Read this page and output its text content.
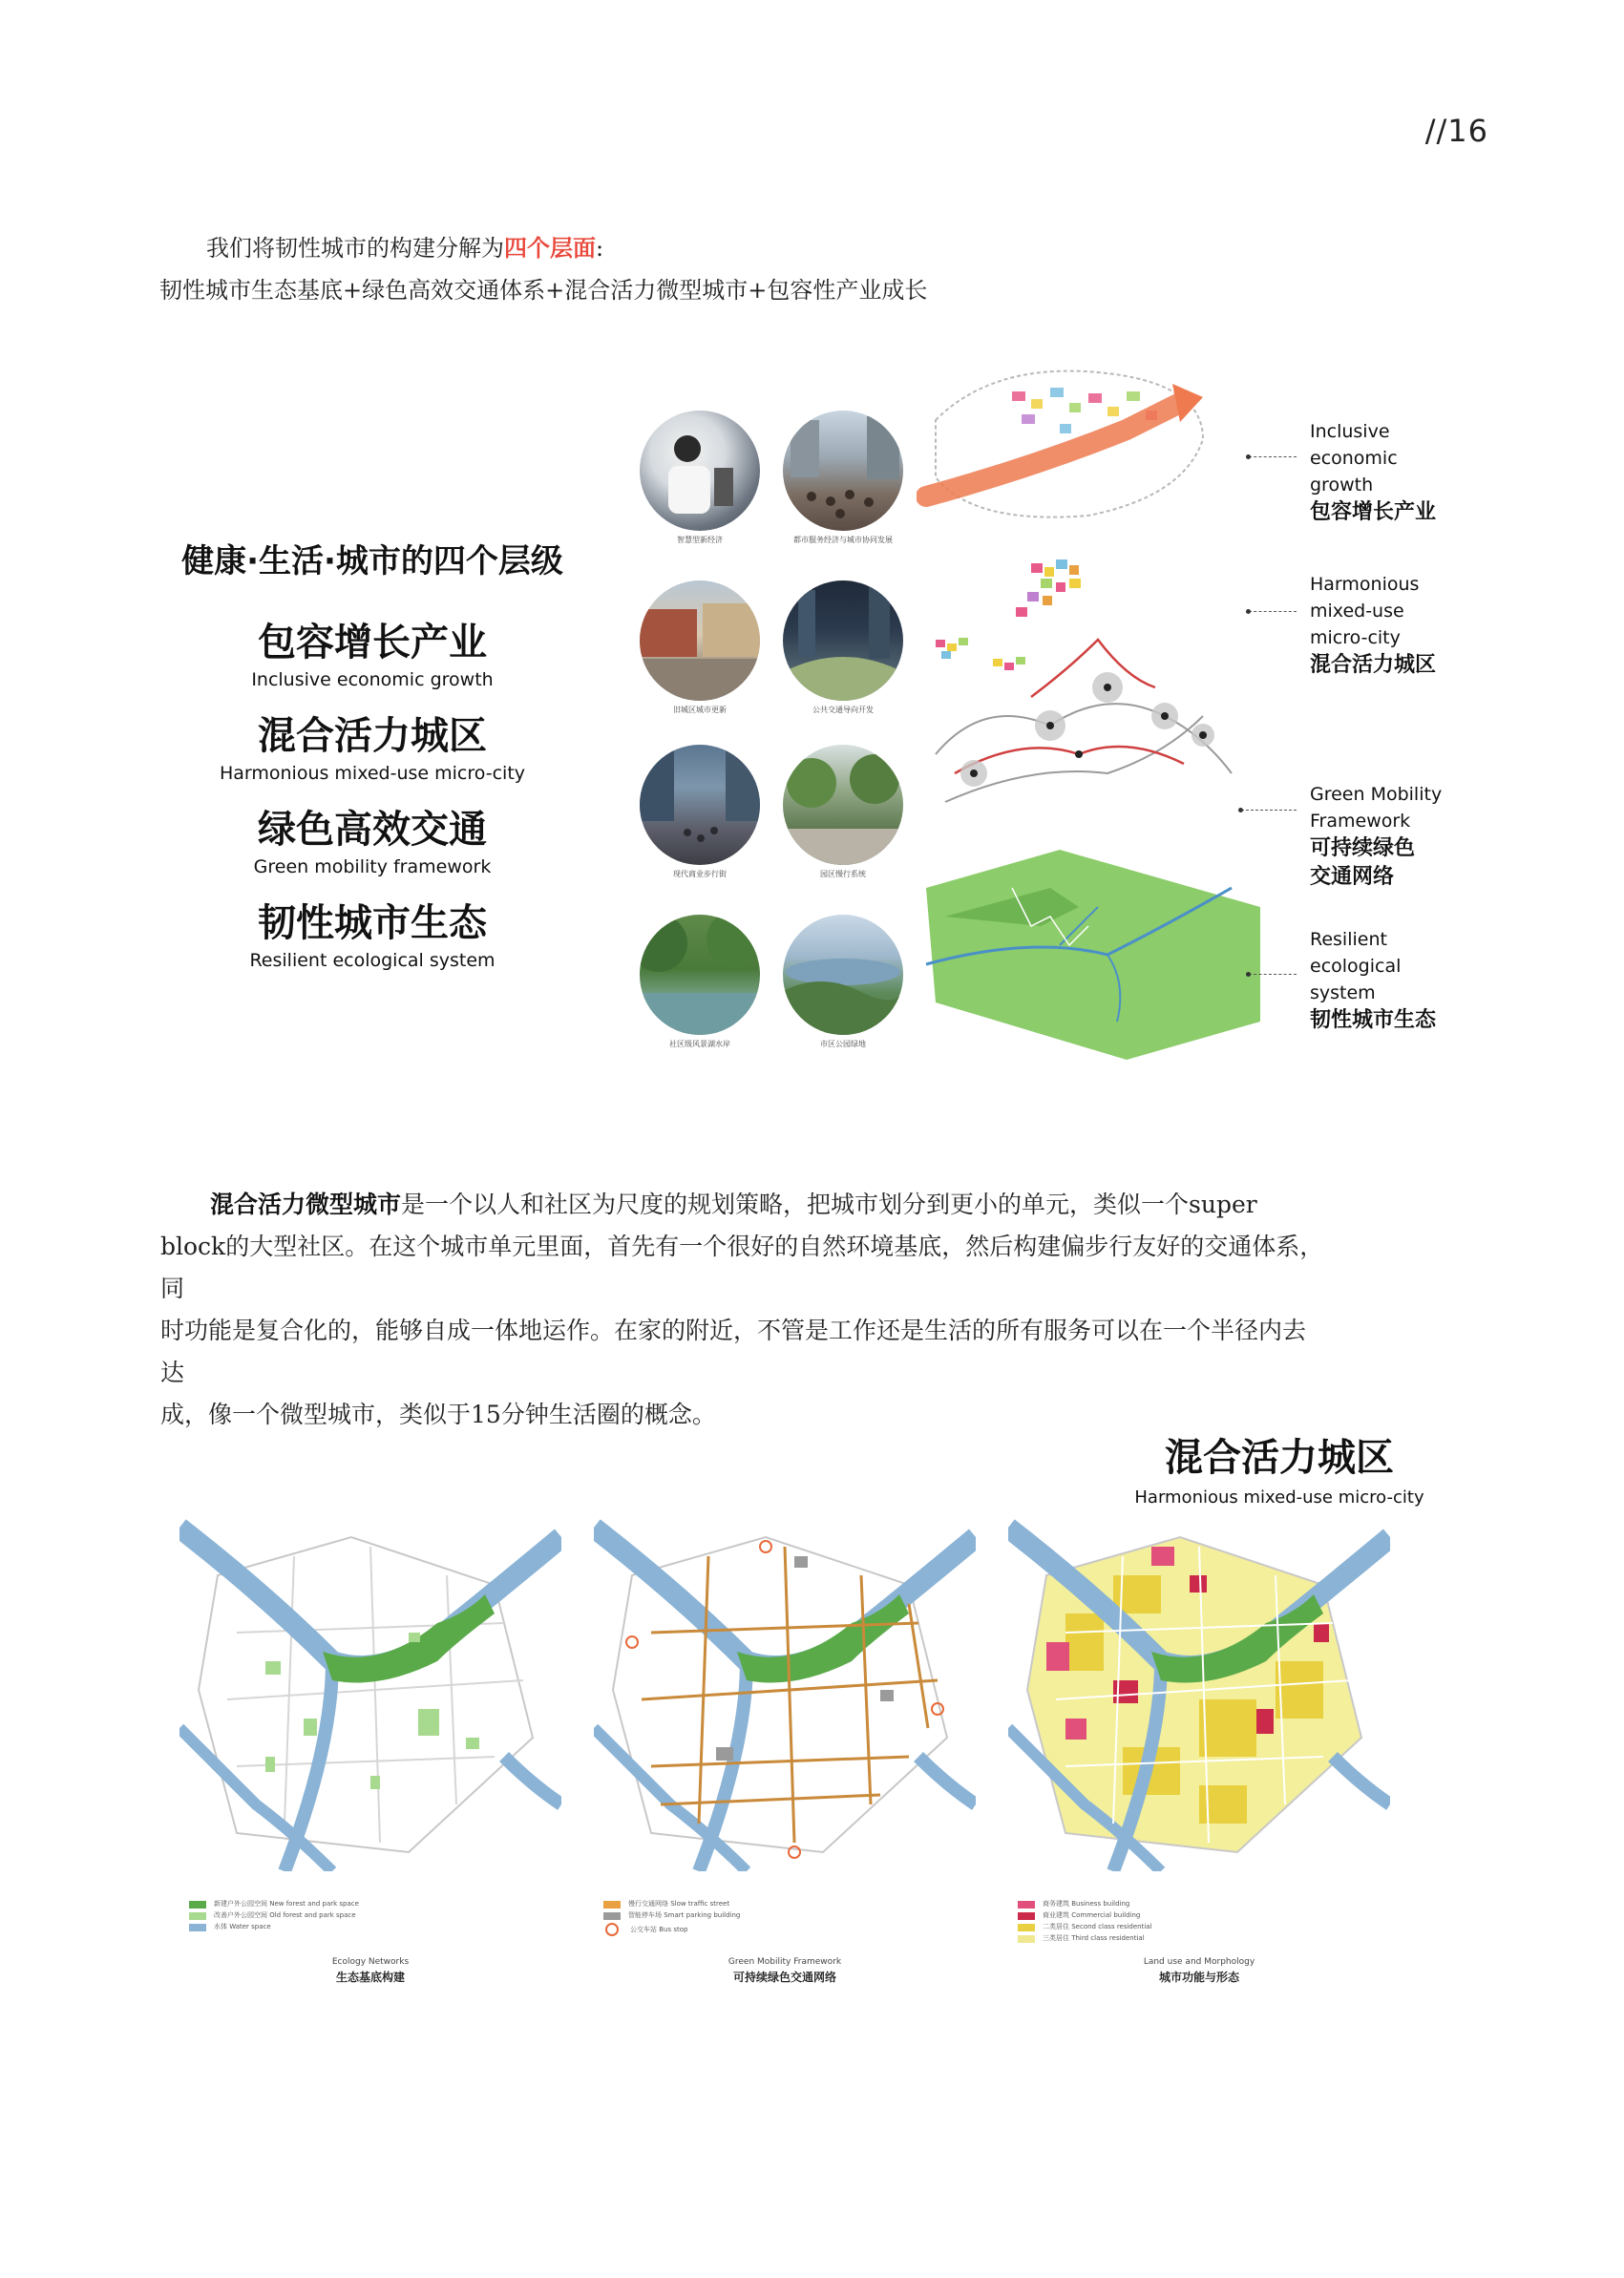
//16
我们将韧性城市的构建分解为四个层面:
韧性城市生态基底+绿色高效交通体系+混合活力微型城市+包容性产业成长
健康·生活·城市的四个层级
包容增长产业
Inclusive economic growth
混合活力城区
Harmonious mixed-use micro-city
绿色高效交通
Green mobility framework
韧性城市生态
Resilient ecological system
智慧型新经济	都市服务经济与城市协同发展
旧城区城市更新	公共交通导向开发
现代商业步行街	园区慢行系统
社区级风景湖水岸	市区公园绿地
Inclusive
economic
growth
包容增长产业
Harmonious
mixed-use
micro-city
混合活力城区
Green Mobility
Framework
可持续绿色
交通网络
Resilient
ecological
system
韧性城市生态
混合活力微型城市是一个以人和社区为尺度的规划策略，把城市划分到更小的单元，类似一个super
block的大型社区。在这个城市单元里面，首先有一个很好的自然环境基底，然后构建偏步行友好的交通体系，同
时功能是复合化的，能够自成一体地运作。在家的附近，不管是工作还是生活的所有服务可以在一个半径内去达
成，像一个微型城市，类似于15分钟生活圈的概念。
混合活力城区
Harmonious mixed-use micro-city
新建户外公园空间 New forest and park space
改善户外公园空间 Old forest and park space
水体 Water space
Ecology Networks
生态基底构建
慢行交通网络 Slow traffic street
智能停车场 Smart parking building
公交车站 Bus stop
Green Mobility Framework
可持续绿色交通网络
商务建筑 Business building
商业建筑 Commercial building
二类居住 Second class residential
三类居住 Third class residential
Land use and Morphology
城市功能与形态
